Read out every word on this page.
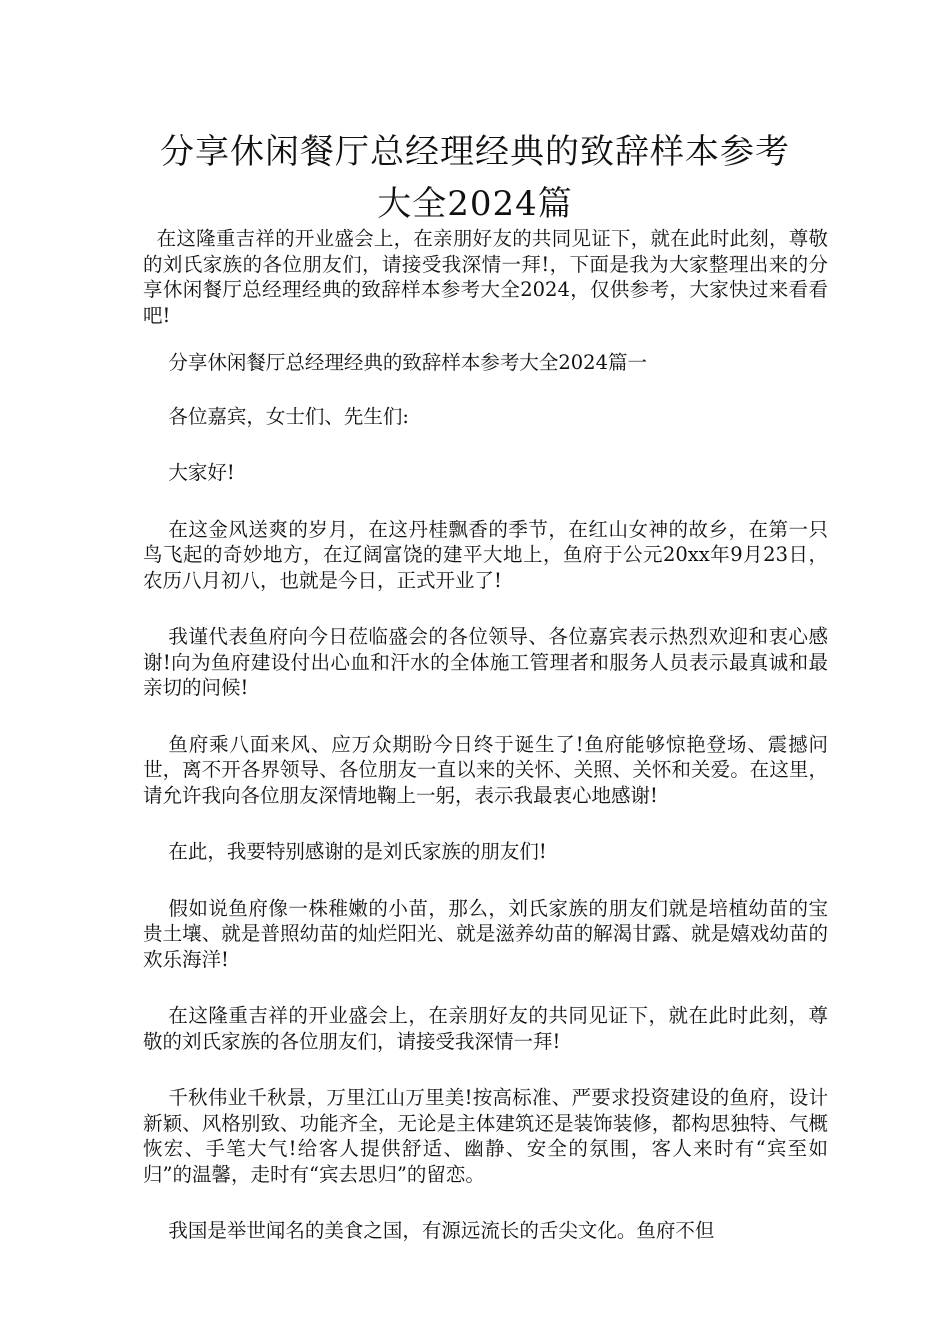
分享休闲餐厅总经理经典的致辞样本参考
大全2024篇

在这隆重吉祥的开业盛会上，在亲朋好友的共同见证下，就在此时此刻，尊敬的刘氏家族的各位朋友们，请接受我深情一拜!，下面是我为大家整理出来的分享休闲餐厅总经理经典的致辞样本参考大全2024，仅供参考，大家快过来看看吧!

分享休闲餐厅总经理经典的致辞样本参考大全2024篇一

各位嘉宾，女士们、先生们:

大家好!

在这金风送爽的岁月，在这丹桂飘香的季节，在红山女神的故乡，在第一只鸟飞起的奇妙地方，在辽阔富饶的建平大地上，鱼府于公元20xx年9月23日，农历八月初八，也就是今日，正式开业了!

我谨代表鱼府向今日莅临盛会的各位领导、各位嘉宾表示热烈欢迎和衷心感谢!向为鱼府建设付出心血和汗水的全体施工管理者和服务人员表示最真诚和最亲切的问候!

鱼府乘八面来风、应万众期盼今日终于诞生了!鱼府能够惊艳登场、震撼问世，离不开各界领导、各位朋友一直以来的关怀、关照、关怀和关爱。在这里，请允许我向各位朋友深情地鞠上一躬，表示我最衷心地感谢!

在此，我要特别感谢的是刘氏家族的朋友们!

假如说鱼府像一株稚嫩的小苗，那么，刘氏家族的朋友们就是培植幼苗的宝贵土壤、就是普照幼苗的灿烂阳光、就是滋养幼苗的解渴甘露、就是嬉戏幼苗的欢乐海洋!

在这隆重吉祥的开业盛会上，在亲朋好友的共同见证下，就在此时此刻，尊敬的刘氏家族的各位朋友们，请接受我深情一拜!

千秋伟业千秋景，万里江山万里美!按高标准、严要求投资建设的鱼府，设计新颖、风格别致、功能齐全，无论是主体建筑还是装饰装修，都构思独特、气概恢宏、手笔大气!给客人提供舒适、幽静、安全的氛围，客人来时有“宾至如归”的温馨，走时有“宾去思归”的留恋。

我国是举世闻名的美食之国，有源远流长的舌尖文化。鱼府不但
